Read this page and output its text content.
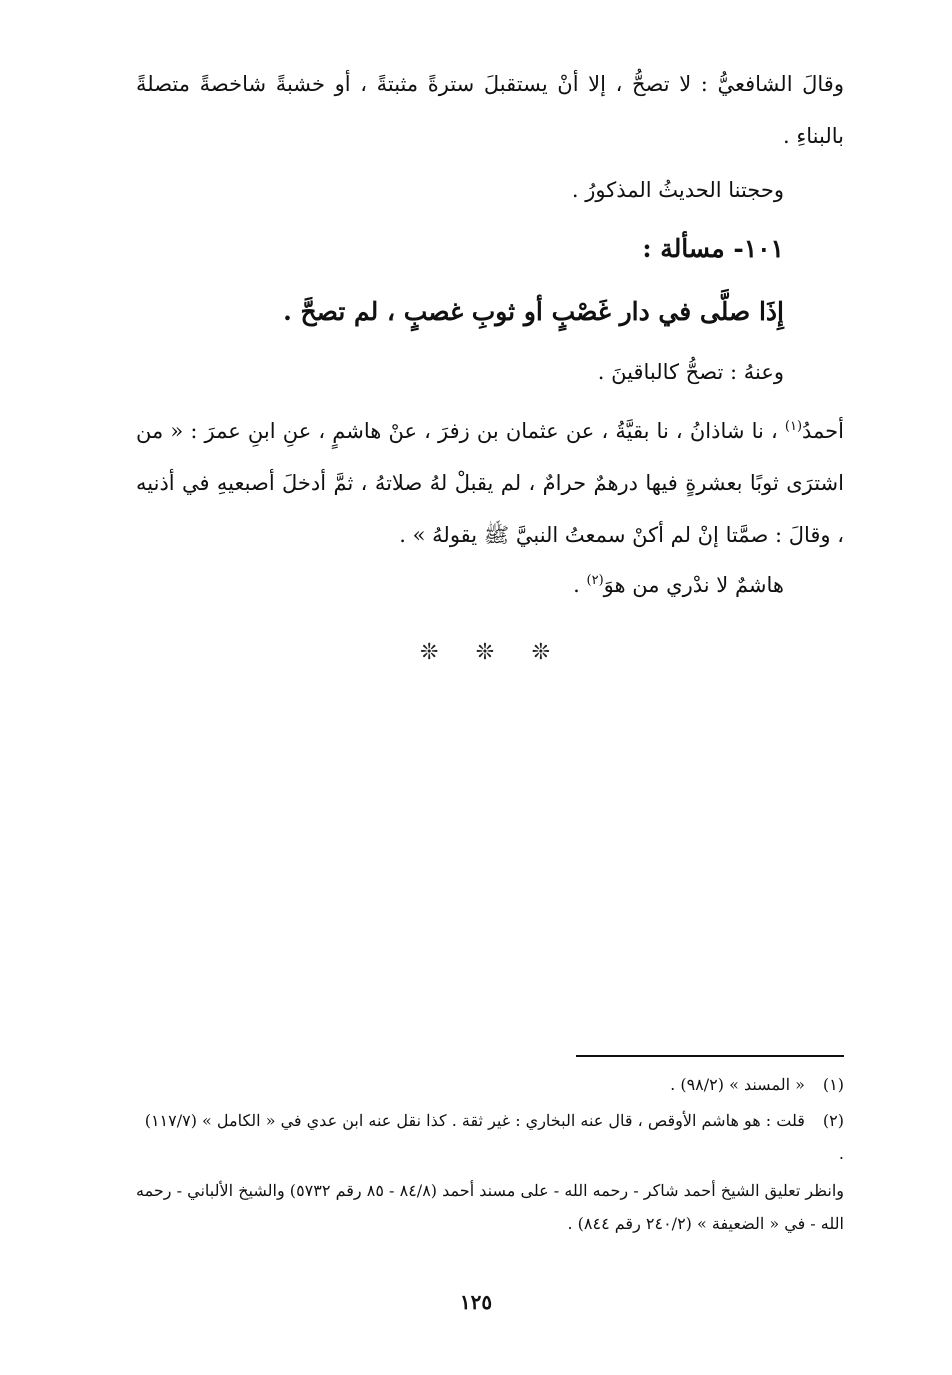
وقالَ الشافعيُّ : لا تصحُّ ، إلا أنْ يستقبلَ سترةً مثبتةً ، أو خشبةً شاخصةً متصلةً بالبناءِ .
وحجتنا الحديثُ المذكورُ .
١٠١- مسألة :
إِذَا صلَّى في دار غَصْبٍ أو ثوبِ غصبٍ ، لم تصحَّ .
وعنهُ : تصحُّ كالباقينَ .
أحمدُ$^{(١)}$ ، نا شاذانُ ، نا بقيَّةُ ، عن عثمان بن زفرَ ، عنْ هاشمٍ ، عنِ ابنِ عمرَ : « من اشترَى ثوبًا بعشرةٍ فيها درهمٌ حرامٌ ، لم يقبلْ لهُ صلاتهُ ، ثمَّ أدخلَ أصبعيهِ في أذنيه ، وقالَ : صمَّتا إنْ لم أكنْ سمعتُ النبيَّ ﷺ يقولهُ » .
هاشمٌ لا ندْري من هوَ$^{(٢)}$ .
❊ ❊ ❊
(١) « المسند » (٩٨/٢) .
(٢) قلت : هو هاشم الأوقص ، قال عنه البخاري : غير ثقة . كذا نقل عنه ابن عدي في « الكامل » (١١٧/٧) .
وانظر تعليق الشيخ أحمد شاكر - رحمه الله - على مسند أحمد (٨٤/٨ - ٨٥ رقم ٥٧٣٢) والشيخ الألباني - رحمه الله - في « الضعيفة » (٢٤٠/٢ رقم ٨٤٤) .
١٢٥
